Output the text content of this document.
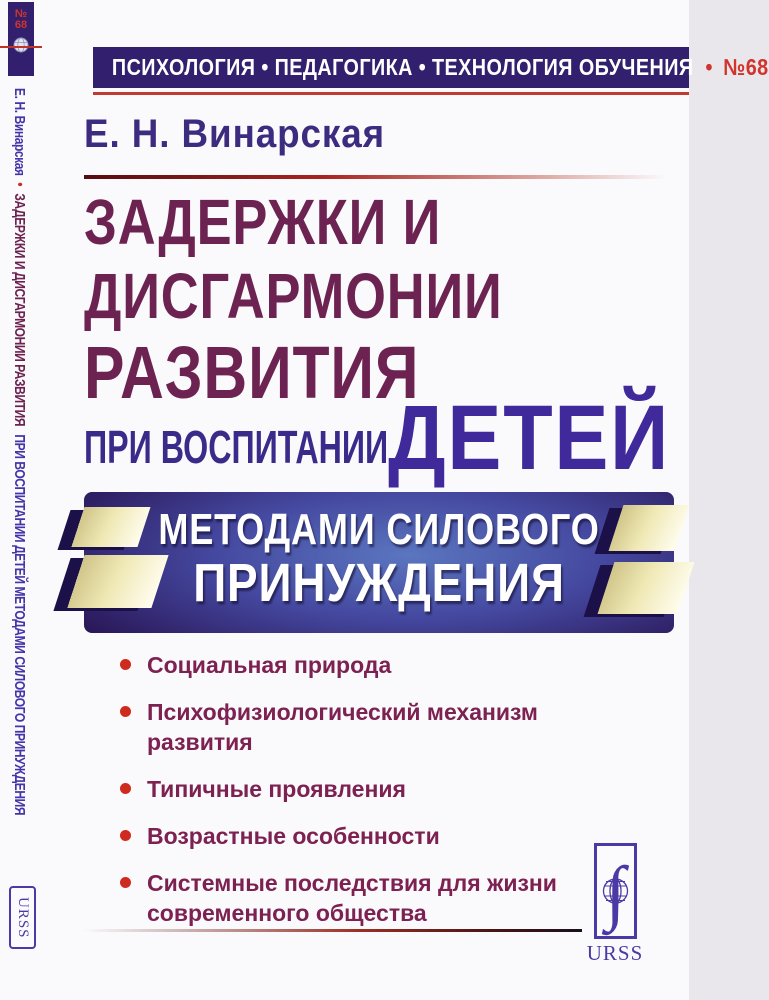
№
68
Е. Н. Винарская • ЗАДЕРЖКИ И ДИСГАРМОНИИ РАЗВИТИЯ ПРИ ВОСПИТАНИИ ДЕТЕЙ МЕТОДАМИ СИЛОВОГО ПРИНУЖДЕНИЯ
URSS
ПСИХОЛОГИЯ • ПЕДАГОГИКА • ТЕХНОЛОГИЯ ОБУЧЕНИЯ • №68
Е. Н. Винарская
ЗАДЕРЖКИ И
ДИСГАРМОНИИ
РАЗВИТИЯ
ПРИ ВОСПИТАНИИ ДЕТЕЙ
МЕТОДАМИ СИЛОВОГО
ПРИНУЖДЕНИЯ
Социальная природа
Психофизиологический механизм развития
Типичные проявления
Возрастные особенности
Системные последствия для жизни современного общества	∫
URSS
